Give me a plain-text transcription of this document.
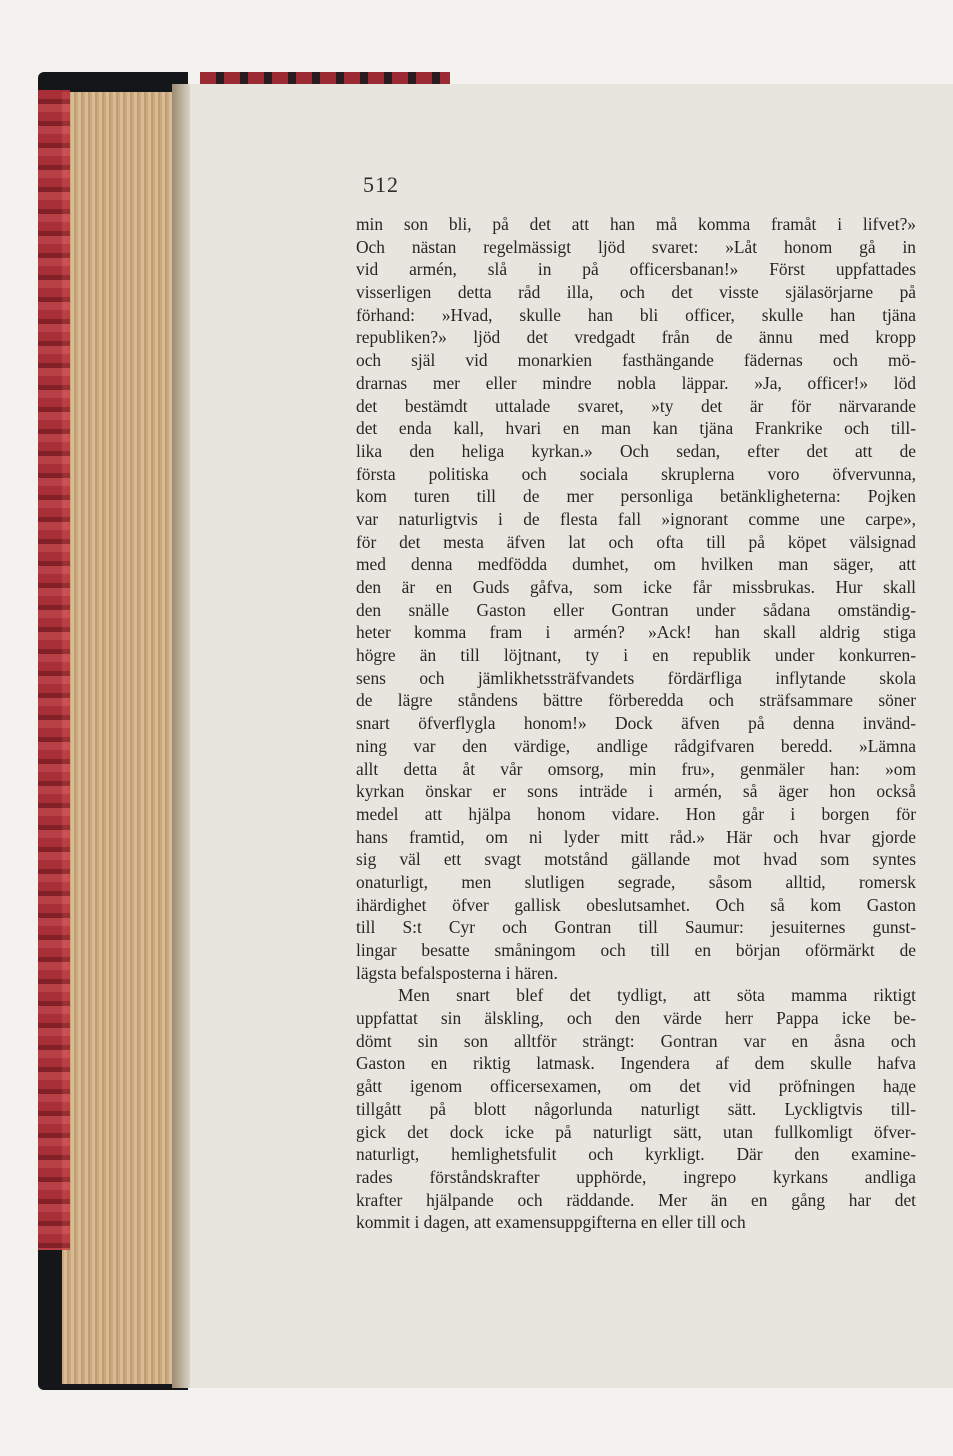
512
min son bli, på det att han må komma framåt i lifvet?»
Och nästan regelmässigt ljöd svaret: »Låt honom gå in
vid armén, slå in på officersbanan!» Först uppfattades
visserligen detta råd illa, och det visste själasörjarne på
förhand: »Hvad, skulle han bli officer, skulle han tjäna
republiken?» ljöd det vredgadt från de ännu med kropp
och själ vid monarkien fasthängande fädernas och mö-
drarnas mer eller mindre nobla läppar. »Ja, officer!» löd
det bestämdt uttalade svaret, »ty det är för närvarande
det enda kall, hvari en man kan tjäna Frankrike och till-
lika den heliga kyrkan.» Och sedan, efter det att de
första politiska och sociala skruplerna voro öfvervunna,
kom turen till de mer personliga betänkligheterna: Pojken
var naturligtvis i de flesta fall »ignorant comme une carpe»,
för det mesta äfven lat och ofta till på köpet välsignad
med denna medfödda dumhet, om hvilken man säger, att
den är en Guds gåfva, som icke får missbrukas. Hur skall
den snälle Gaston eller Gontran under sådana omständig-
heter komma fram i armén? »Ack! han skall aldrig stiga
högre än till löjtnant, ty i en republik under konkurren-
sens och jämlikhetssträfvandets fördärfliga inflytande skola
de lägre ståndens bättre förberedda och sträfsammare söner
snart öfverflygla honom!» Dock äfven på denna invänd-
ning var den värdige, andlige rådgifvaren beredd. »Lämna
allt detta åt vår omsorg, min fru», genmäler han: »om
kyrkan önskar er sons inträde i armén, så äger hon också
medel att hjälpa honom vidare. Hon går i borgen för
hans framtid, om ni lyder mitt råd.» Här och hvar gjorde
sig väl ett svagt motstånd gällande mot hvad som syntes
onaturligt, men slutligen segrade, såsom alltid, romersk
ihärdighet öfver gallisk obeslutsamhet. Och så kom Gaston
till S:t Cyr och Gontran till Saumur: jesuiternes gunst-
lingar besatte småningom och till en början oförmärkt de
lägsta befalsposterna i hären.
Men snart blef det tydligt, att söta mamma riktigt
uppfattat sin älskling, och den värde herr Pappa icke be-
dömt sin son alltför strängt: Gontran var en åsna och
Gaston en riktig latmask. Ingendera af dem skulle hafva
gått igenom officersexamen, om det vid pröfningen haде
tillgått på blott någorlunda naturligt sätt. Lyckligtvis till-
gick det dock icke på naturligt sätt, utan fullkomligt öfver-
naturligt, hemlighetsfulit och kyrkligt. Där den examine-
rades förståndskrafter upphörde, ingrepo kyrkans andliga
krafter hjälpande och räddande. Mer än en gång har det
kommit i dagen, att examensuppgifterna en eller till och
